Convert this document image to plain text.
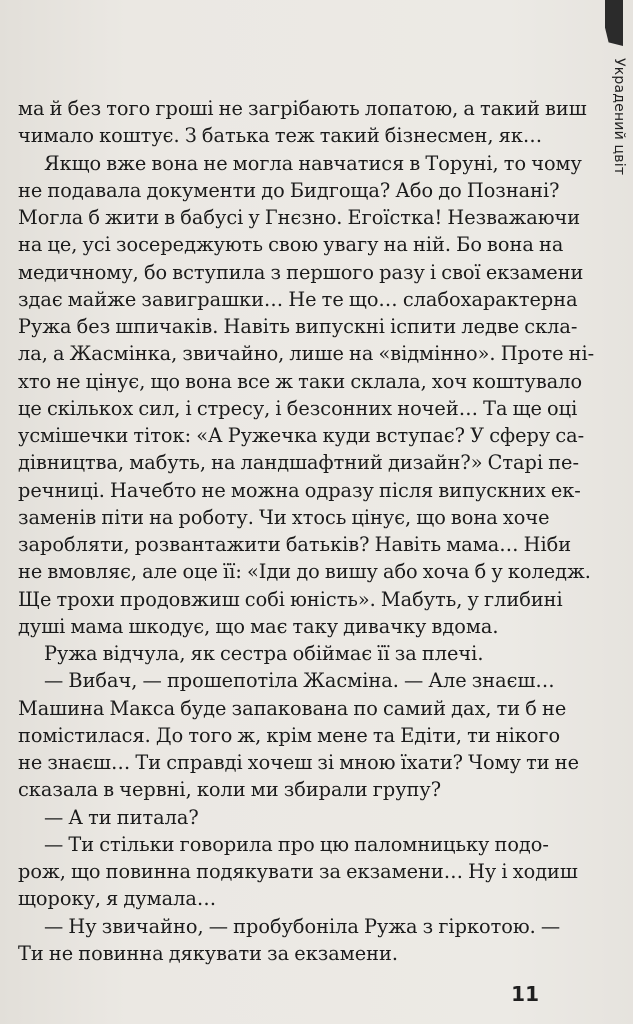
Украдений цвіт
ма й без того гроші не загрібають лопатою, а такий виш
чимало коштує. З батька теж такий бізнесмен, як…
Якщо вже вона не могла навчатися в Торуні, то чому
не подавала документи до Бидгоща? Або до Познані?
Могла б жити в бабусі у Гнєзно. Егоїстка! Незважаючи
на це, усі зосереджують свою увагу на ній. Бо вона на
медичному, бо вступила з першого разу і свої екзамени
здає майже завиграшки… Не те що… слабохарактерна
Ружа без шпичаків. Навіть випускні іспити ледве скла-
ла, а Жасмінка, звичайно, лише на «відмінно». Проте ні-
хто не цінує, що вона все ж таки склала, хоч коштувало
це скількох сил, і стресу, і безсонних ночей… Та ще оці
усмішечки тіток: «А Ружечка куди вступає? У сферу са-
дівництва, мабуть, на ландшафтний дизайн?» Старі пе-
речниці. Начебто не можна одразу після випускних ек-
заменів піти на роботу. Чи хтось цінує, що вона хоче
заробляти, розвантажити батьків? Навіть мама… Ніби
не вмовляє, але оце її: «Іди до вишу або хоча б у коледж.
Ще трохи продовжиш собі юність». Мабуть, у глибині
душі мама шкодує, що має таку дивачку вдома.
Ружа відчула, як сестра обіймає її за плечі.
— Вибач, — прошепотіла Жасміна. — Але знаєш…
Машина Макса буде запакована по самий дах, ти б не
помістилася. До того ж, крім мене та Едіти, ти нікого
не знаєш… Ти справді хочеш зі мною їхати? Чому ти не
сказала в червні, коли ми збирали групу?
— А ти питала?
— Ти стільки говорила про цю паломницьку подо-
рож, що повинна подякувати за екзамени… Ну і ходиш
щороку, я думала…
— Ну звичайно, — пробубоніла Ружа з гіркотою. —
Ти не повинна дякувати за екзамени.
11
